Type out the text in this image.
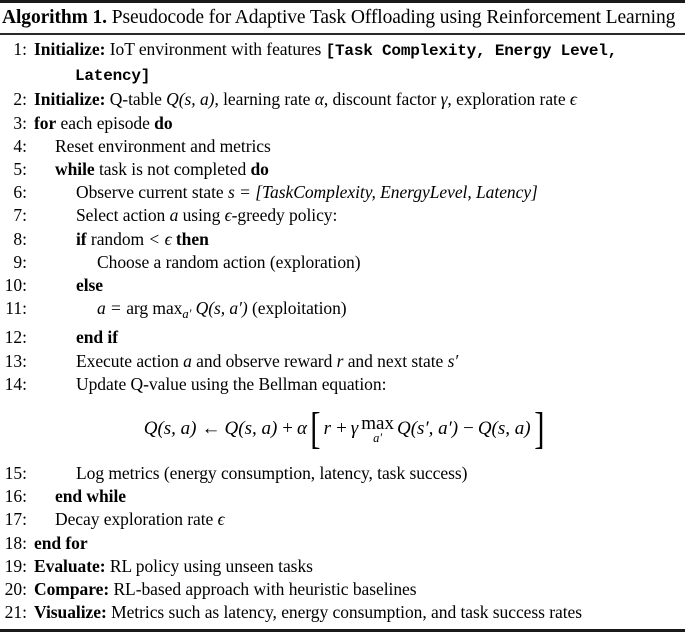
Algorithm 1. Pseudocode for Adaptive Task Offloading using Reinforcement Learning
1: Initialize: IoT environment with features [Task Complexity, Energy Level,
Latency]
2: Initialize: Q-table Q(s, a), learning rate α, discount factor γ, exploration rate ϵ
3: for each episode do
4:	Reset environment and metrics
5:	while task is not completed do
6:	Observe current state s = [TaskComplexity, EnergyLevel, Latency]
7:	Select action a using ϵ-greedy policy:
8:	if random < ϵ then
9:	Choose a random action (exploration)
10:	else
11:	a = arg $\max_{a'} Q(s$, a′) (exploitation)
12:	end if
13:	Execute action a and observe reward r and next state s′
14:	Update Q-value using the Bellman equation:
Q(s, a) ← Q(s, a) + α [ r + γ max
a′ Q(s′, a′) − Q(s, a) ]
15:	Log metrics (energy consumption, latency, task success)
16:	end while
17:	Decay exploration rate ϵ
18: end for
19: Evaluate: RL policy using unseen tasks
20: Compare: RL-based approach with heuristic baselines
21: Visualize: Metrics such as latency, energy consumption, and task success rates
